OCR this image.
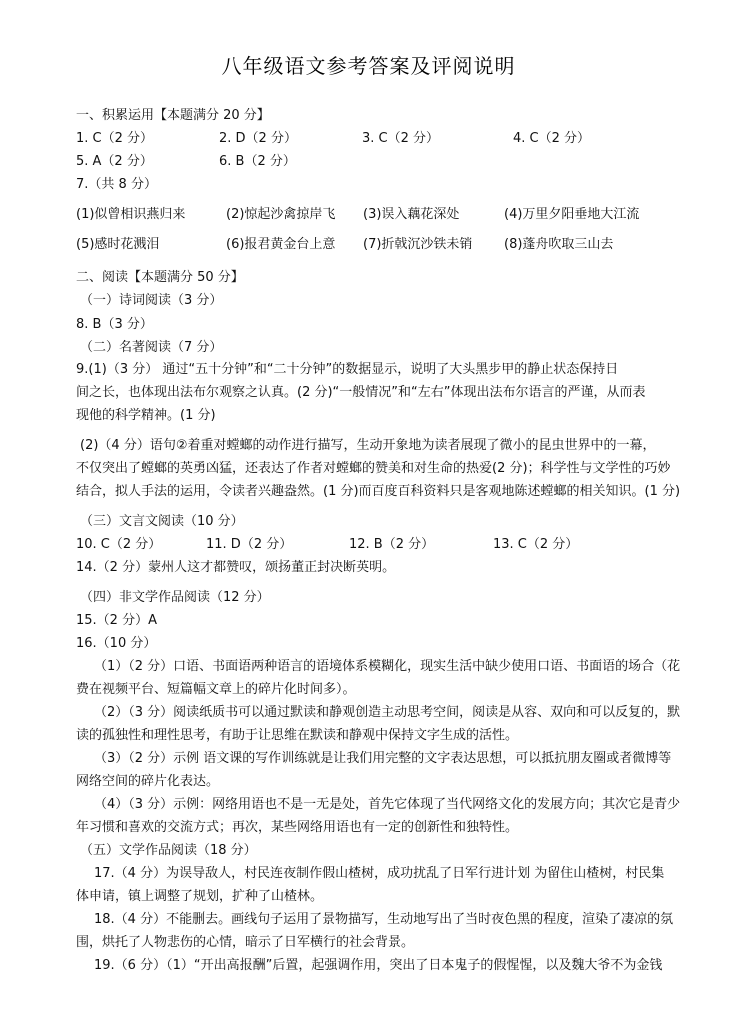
八年级语文参考答案及评阅说明
一、积累运用【本题满分 20 分】
1. C（2 分）	2. D（2 分）	3. C（2 分）	4. C（2 分）
5. A（2 分）	6. B（2 分）
7.（共 8 分）
(1)似曾相识燕归来	(2)惊起沙禽掠岸飞 (3)误入藕花深处	(4)万里夕阳垂地大江流
(5)感时花溅泪	(6)报君黄金台上意 (7)折戟沉沙铁未销 (8)蓬舟吹取三山去
二、阅读【本题满分 50 分】
（一）诗词阅读（3 分）
8. B（3 分）
（二）名著阅读（7 分）
9.(1)（3 分） 通过“五十分钟”和“二十分钟”的数据显示，说明了大头黑步甲的静止状态保持日
间之长，也体现出法布尔观察之认真。(2 分)“一般情况”和“左右”体现出法布尔语言的严谨，从而表
现他的科学精神。(1 分)
(2)（4 分）语句②着重对螳螂的动作进行描写，生动开象地为读者展现了微小的昆虫世界中的一幕，
不仅突出了螳螂的英勇凶猛，还表达了作者对螳螂的赞美和对生命的热爱(2 分)；科学性与文学性的巧妙
结合，拟人手法的运用，令读者兴趣盎然。(1 分)而百度百科资料只是客观地陈述螳螂的相关知识。(1 分)
（三）文言文阅读（10 分）
10. C（2 分）	11. D（2 分）	12. B（2 分）	13. C（2 分）
14.（2 分）蒙州人这才都赞叹，颂扬董正封决断英明。
（四）非文学作品阅读（12 分）
15.（2 分）A
16.（10 分）
（1）（2 分）口语、书面语两种语言的语境体系模糊化，现实生活中缺少使用口语、书面语的场合（花
费在视频平台、短篇幅文章上的碎片化时间多）。
（2）（3 分）阅读纸质书可以通过默读和静观创造主动思考空间，阅读是从容、双向和可以反复的，默
读的孤独性和理性思考，有助于让思维在默读和静观中保持文字生成的活性。
（3）（2 分）示例 语文课的写作训练就是让我们用完整的文字表达思想，可以抵抗朋友圈或者微博等
网络空间的碎片化表达。
（4）（3 分）示例：网络用语也不是一无是处，首先它体现了当代网络文化的发展方向；其次它是青少
年习惯和喜欢的交流方式；再次，某些网络用语也有一定的创新性和独特性。
（五）文学作品阅读（18 分）
17.（4 分）为误导敌人，村民连夜制作假山楂树，成功扰乱了日军行进计划 为留住山楂树，村民集
体申请，镇上调整了规划，扩种了山楂林。
18.（4 分）不能删去。画线句子运用了景物描写，生动地写出了当时夜色黑的程度，渲染了凄凉的氛
围，烘托了人物悲伤的心情，暗示了日军横行的社会背景。
19.（6 分）（1）“开出高报酬”后置，起强调作用，突出了日本鬼子的假惺惺，以及魏大爷不为金钱
